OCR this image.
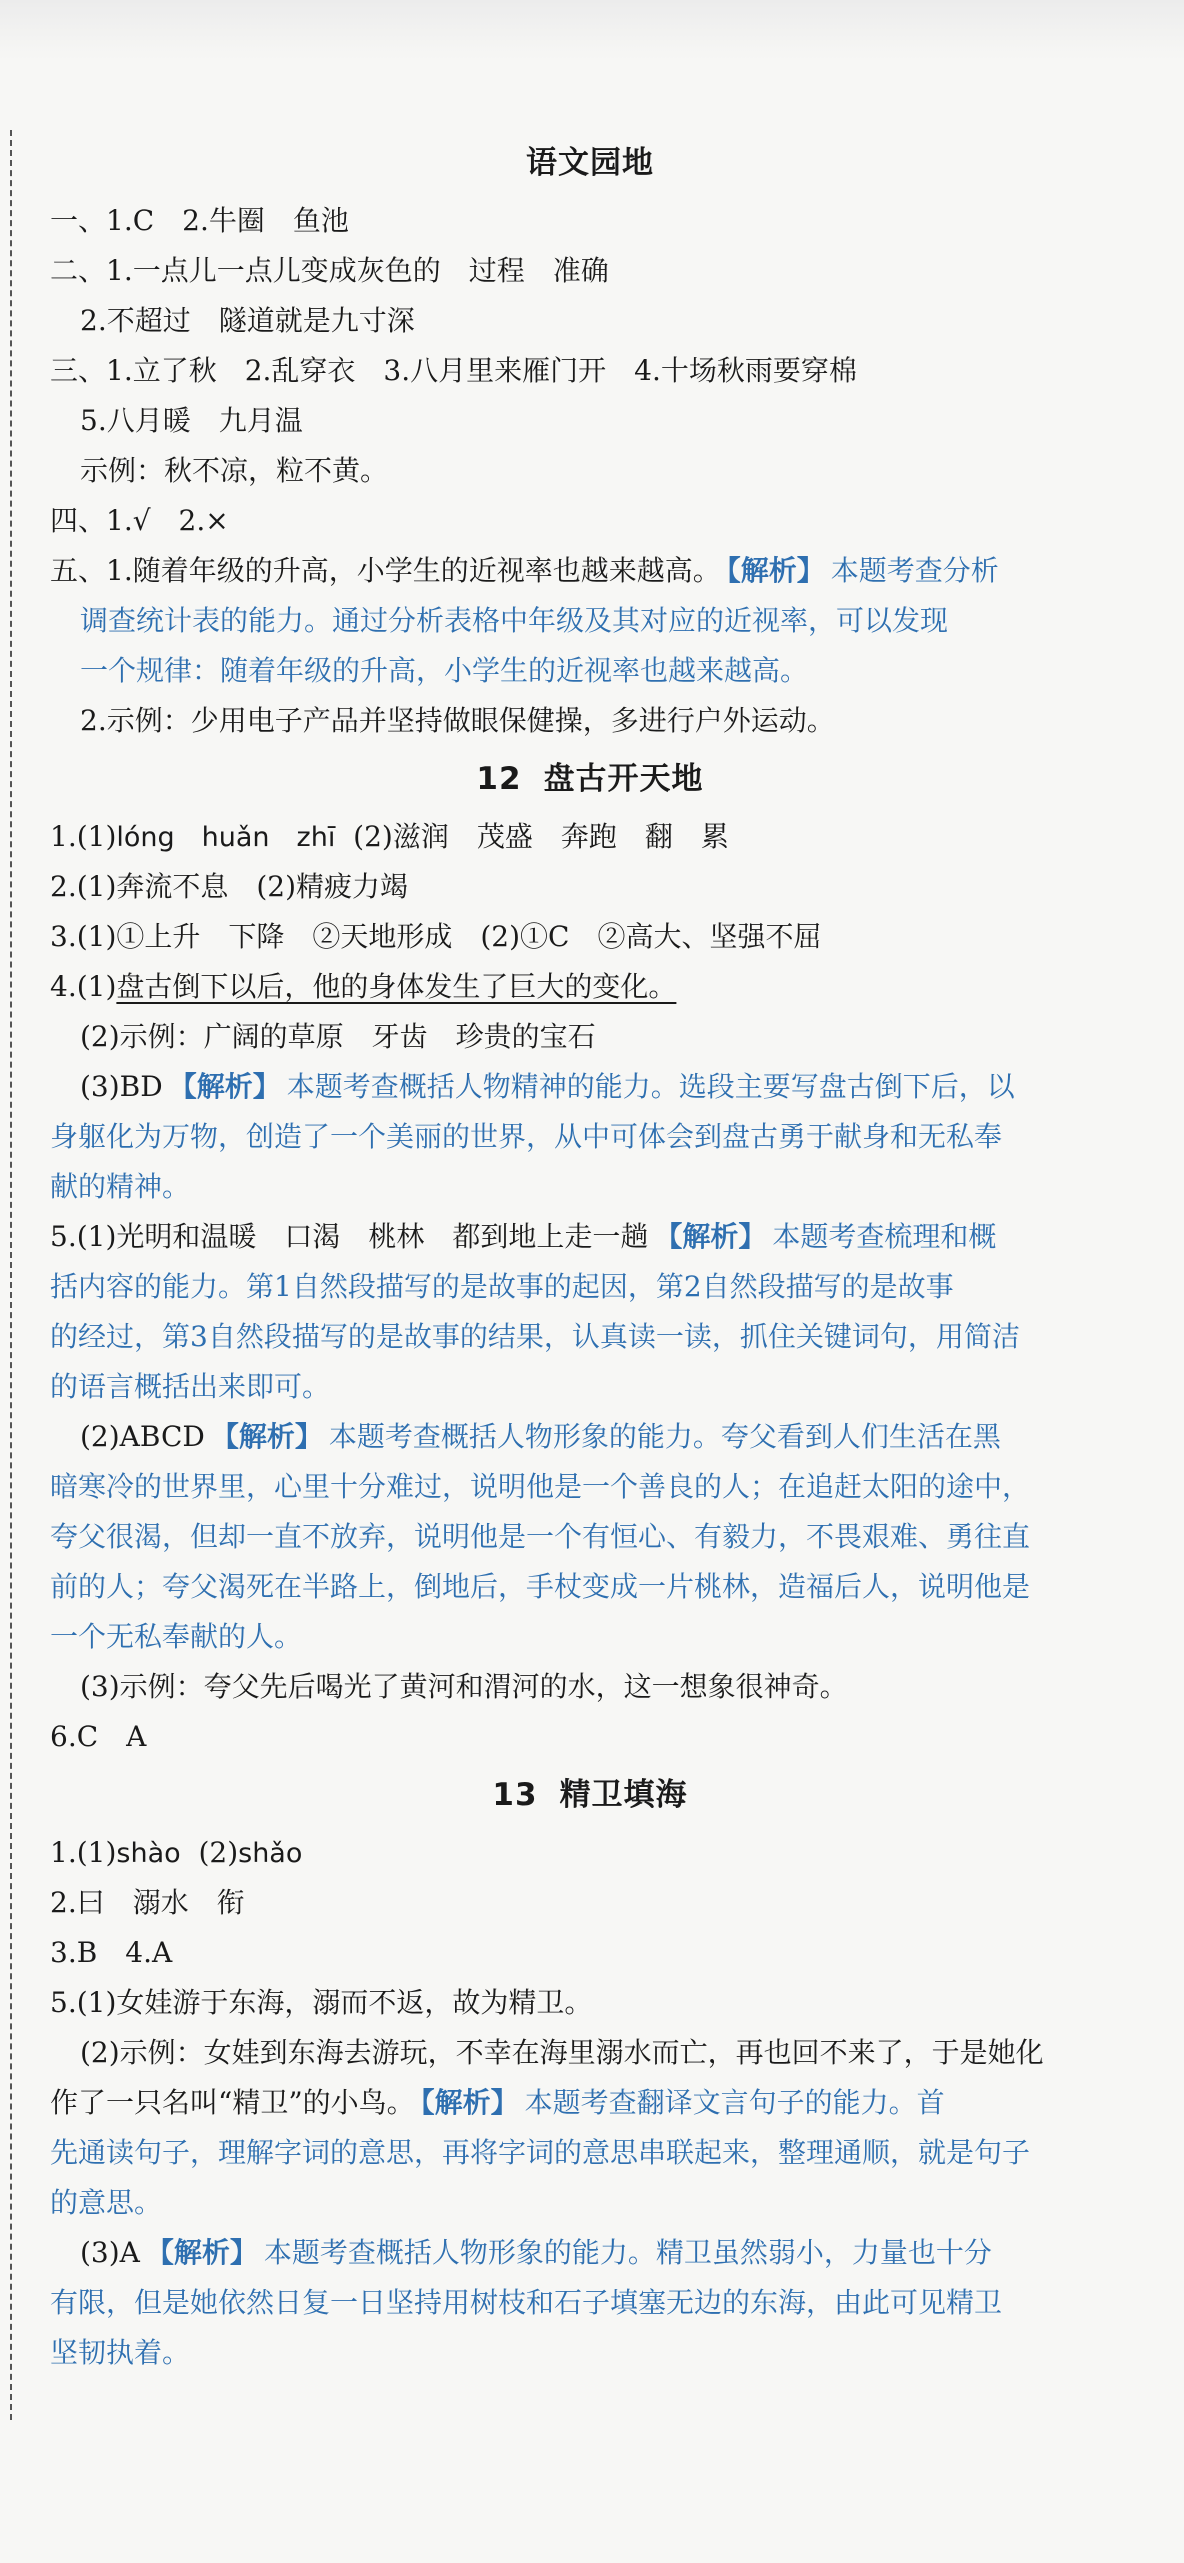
语文园地
一、1.C　2.牛圈　鱼池
二、1.一点儿一点儿变成灰色的　过程　准确
2.不超过　隧道就是九寸深
三、1.立了秋　2.乱穿衣　3.八月里来雁门开　4.十场秋雨要穿棉
5.八月暖　九月温
示例：秋不凉，粒不黄。
四、1.√　2.×
五、1.随着年级的升高，小学生的近视率也越来越高。 【解析】 本题考查分析
调查统计表的能力。通过分析表格中年级及其对应的近视率，可以发现
一个规律：随着年级的升高，小学生的近视率也越来越高。
2.示例：少用电子产品并坚持做眼保健操，多进行户外运动。
12 盘古开天地
1.(1)lóng　huǎn　zhī (2)滋润　茂盛　奔跑　翻　累
2.(1)奔流不息　(2)精疲力竭
3.(1)①上升　下降　②天地形成　(2)①C　②高大、坚强不屈
4.(1)盘古倒下以后，他的身体发生了巨大的变化。
(2)示例：广阔的草原　牙齿　珍贵的宝石
(3)BD 【解析】 本题考查概括人物精神的能力。选段主要写盘古倒下后，以
身躯化为万物，创造了一个美丽的世界，从中可体会到盘古勇于献身和无私奉
献的精神。
5.(1)光明和温暖　口渴　桃林　都到地上走一趟 【解析】 本题考查梳理和概
括内容的能力。第1自然段描写的是故事的起因，第2自然段描写的是故事
的经过，第3自然段描写的是故事的结果，认真读一读，抓住关键词句，用简洁
的语言概括出来即可。
(2)ABCD 【解析】 本题考查概括人物形象的能力。夸父看到人们生活在黑
暗寒冷的世界里，心里十分难过，说明他是一个善良的人；在追赶太阳的途中，
夸父很渴，但却一直不放弃，说明他是一个有恒心、有毅力，不畏艰难、勇往直
前的人；夸父渴死在半路上，倒地后，手杖变成一片桃林，造福后人，说明他是
一个无私奉献的人。
(3)示例：夸父先后喝光了黄河和渭河的水，这一想象很神奇。
6.C　A
13 精卫填海
1.(1)shào (2)shǎo
2.曰　溺水　衔
3.B　4.A
5.(1)女娃游于东海，溺而不返，故为精卫。
(2)示例：女娃到东海去游玩，不幸在海里溺水而亡，再也回不来了，于是她化
作了一只名叫“精卫”的小鸟。 【解析】 本题考查翻译文言句子的能力。首
先通读句子，理解字词的意思，再将字词的意思串联起来，整理通顺，就是句子
的意思。
(3)A 【解析】 本题考查概括人物形象的能力。精卫虽然弱小，力量也十分
有限，但是她依然日复一日坚持用树枝和石子填塞无边的东海，由此可见精卫
坚韧执着。
